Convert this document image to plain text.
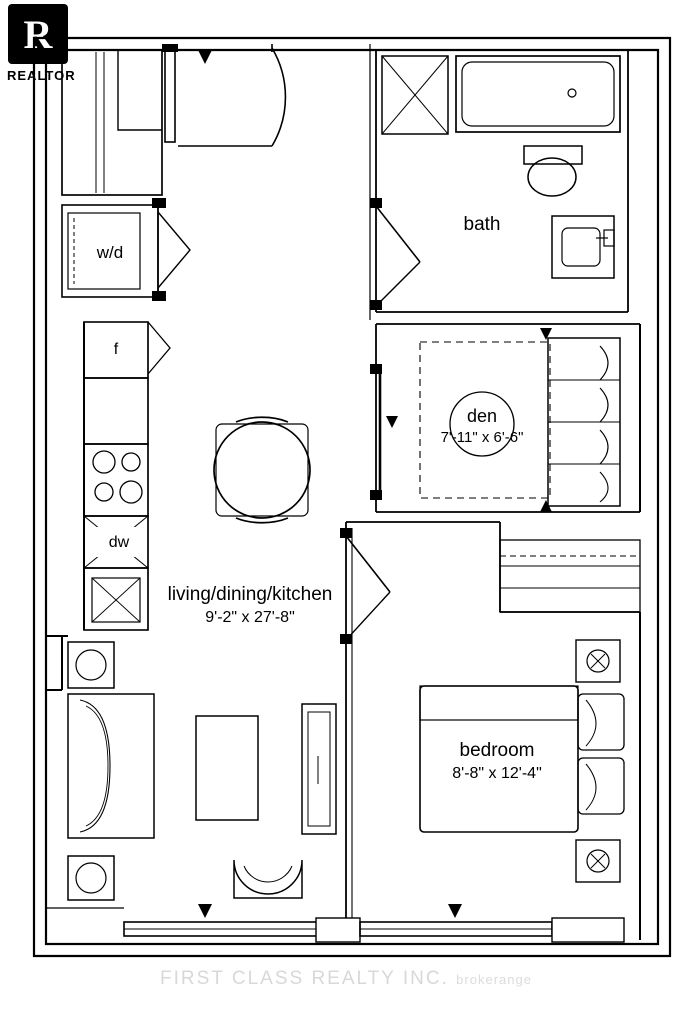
R
REALTOR
w/d
f
dw
bath
den
7'-11" x 6'-6"
bedroom
8'-8" x 12'-4"
living/dining/kitchen
9'-2" x 27'-8"
FIRST CLASS REALTY INC. brokerange
